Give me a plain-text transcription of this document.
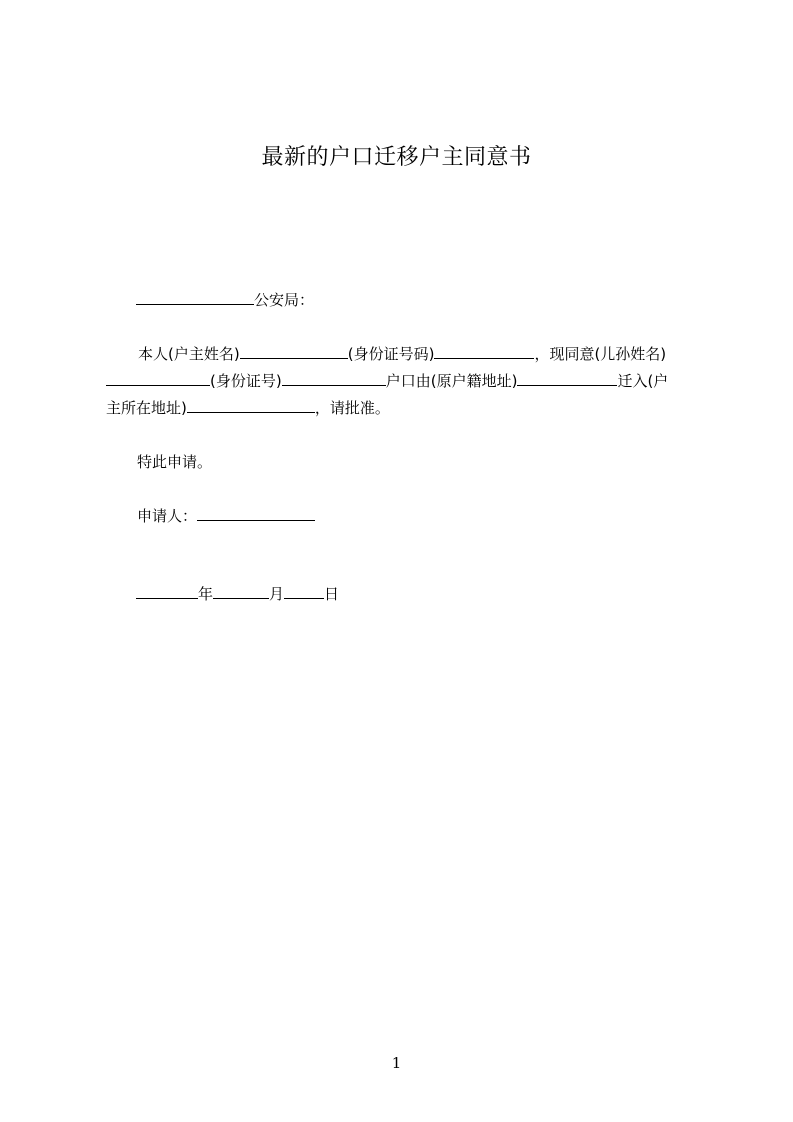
最新的户口迁移户主同意书
公安局：
本人(户主姓名)	(身份证号码)	，现同意(儿孙姓名)
(身份证号)	户口由(原户籍地址)	迁入(户
主所在地址)	，请批准。
特此申请。
申请人：
年	月	日
1
